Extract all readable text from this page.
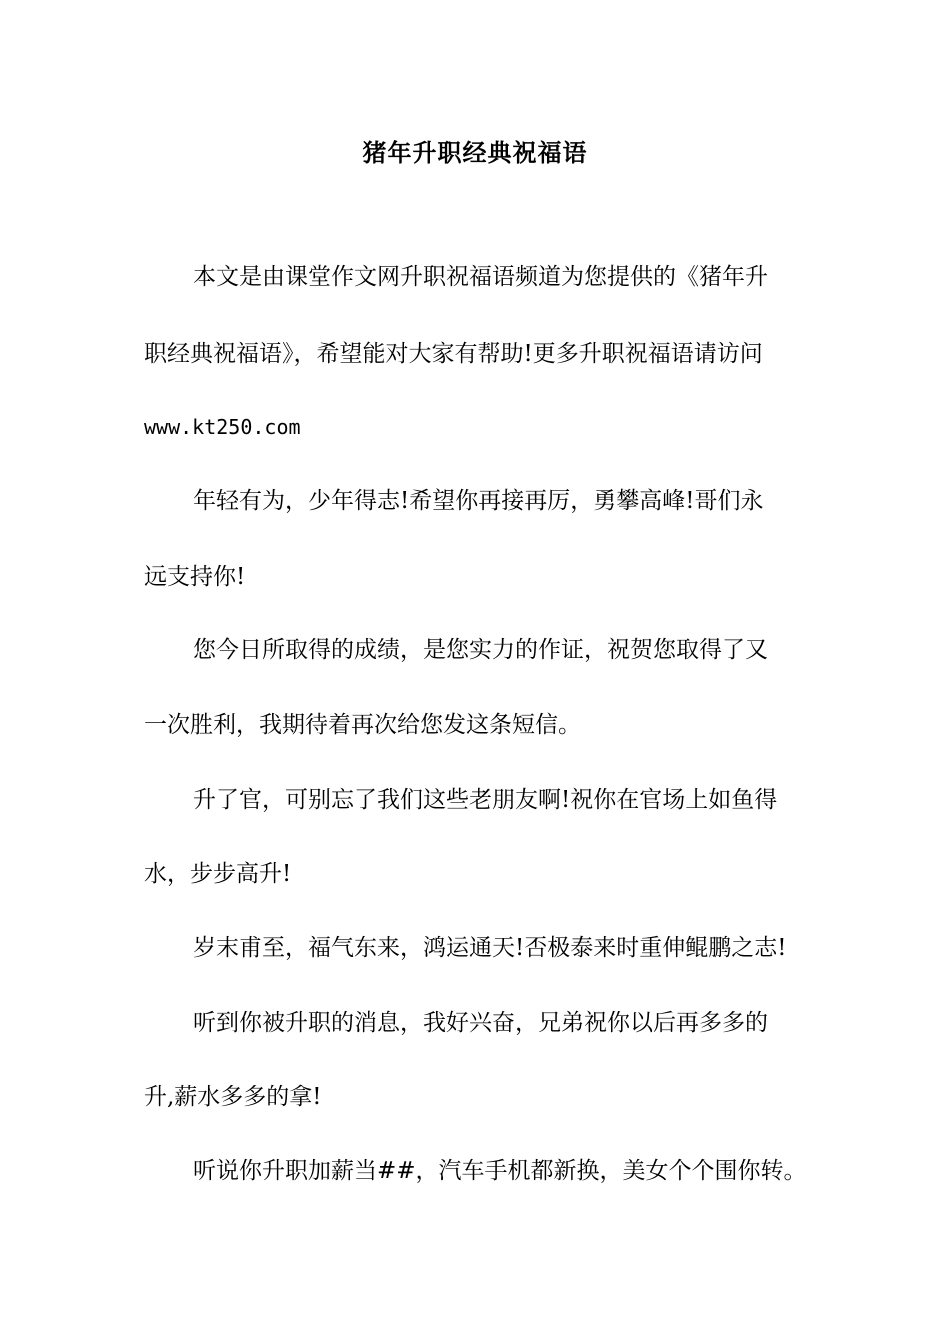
猪年升职经典祝福语
本文是由课堂作文网升职祝福语频道为您提供的《猪年升
职经典祝福语》，希望能对大家有帮助!更多升职祝福语请访问
www.kt250.com
年轻有为，少年得志!希望你再接再厉，勇攀高峰!哥们永
远支持你!
您今日所取得的成绩，是您实力的作证，祝贺您取得了又
一次胜利，我期待着再次给您发这条短信。
升了官，可别忘了我们这些老朋友啊!祝你在官场上如鱼得
水，步步高升!
岁末甫至，福气东来，鸿运通天!否极泰来时重伸鲲鹏之志!
听到你被升职的消息，我好兴奋，兄弟祝你以后再多多的
升,薪水多多的拿!
听说你升职加薪当##，汽车手机都新换，美女个个围你转。
